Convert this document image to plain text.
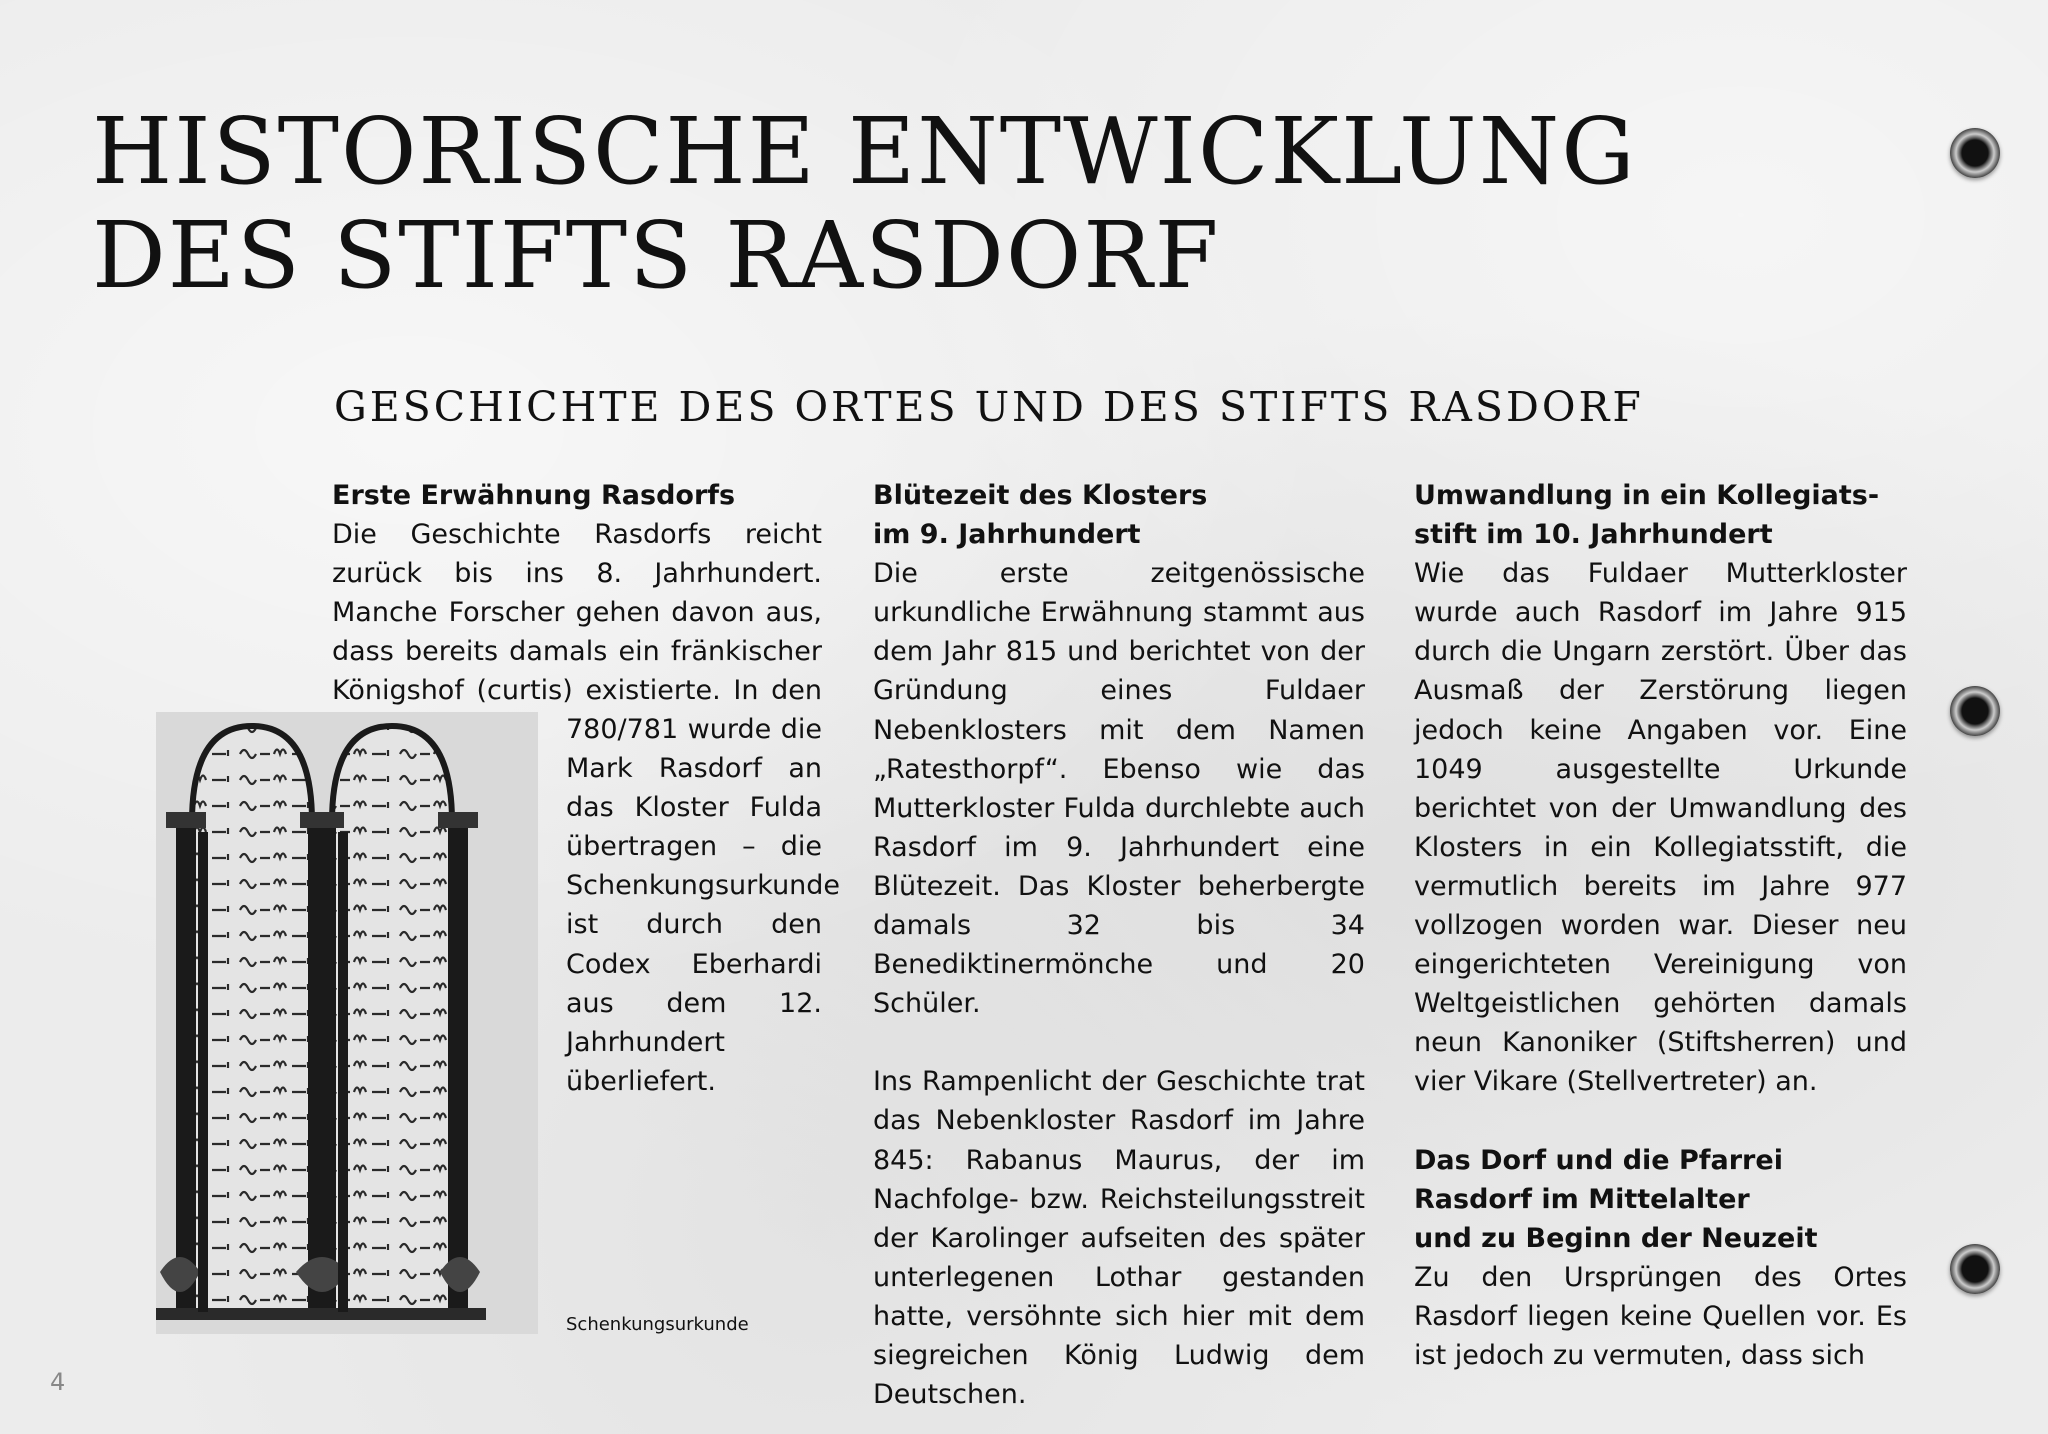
HISTORISCHE ENTWICKLUNG
DES STIFTS RASDORF
GESCHICHTE DES ORTES UND DES STIFTS RASDORF
Erste Erwähnung Rasdorfs

Die Geschichte Rasdorfs reicht zurück bis ins 8. Jahrhundert. Manche Forscher gehen davon aus, dass bereits damals ein fränkischer Königshof (curtis) existierte. In den

780/781 wurde die Mark Rasdorf an das Kloster Fulda übertragen – die Schenkungsurkunde ist durch den Codex Eberhardi aus dem 12. Jahrhundert überliefert.

Schenkungsurkunde

Blütezeit des Klosters
im 9. Jahrhundert

Die erste zeitgenössische urkundliche Erwähnung stammt aus dem Jahr 815 und berichtet von der Gründung eines Fuldaer Nebenklosters mit dem Namen „Ratesthorpf“. Ebenso wie das Mutterkloster Fulda durchlebte auch Rasdorf im 9. Jahrhundert eine Blütezeit. Das Kloster beherbergte damals 32 bis 34 Benediktinermönche und 20 Schüler.

Ins Rampenlicht der Geschichte trat das Nebenkloster Rasdorf im Jahre 845: Rabanus Maurus, der im Nachfolge- bzw. Reichsteilungsstreit der Karolinger aufseiten des später unterlegenen Lothar gestanden hatte, versöhnte sich hier mit dem siegreichen König Ludwig dem Deutschen.

Umwandlung in ein Kollegiats-
stift im 10. Jahrhundert

Wie das Fuldaer Mutterkloster wurde auch Rasdorf im Jahre 915 durch die Ungarn zerstört. Über das Ausmaß der Zerstörung liegen jedoch keine Angaben vor. Eine 1049 ausgestellte Urkunde berichtet von der Umwandlung des Klosters in ein Kollegiatsstift, die vermutlich bereits im Jahre 977 vollzogen worden war. Dieser neu eingerichteten Vereinigung von Weltgeistlichen gehörten damals neun Kanoniker (Stiftsherren) und vier Vikare (Stellvertreter) an.

Das Dorf und die Pfarrei
Rasdorf im Mittelalter
und zu Beginn der Neuzeit

Zu den Ursprüngen des Ortes Rasdorf liegen keine Quellen vor. Es ist jedoch zu vermuten, dass sich

4
